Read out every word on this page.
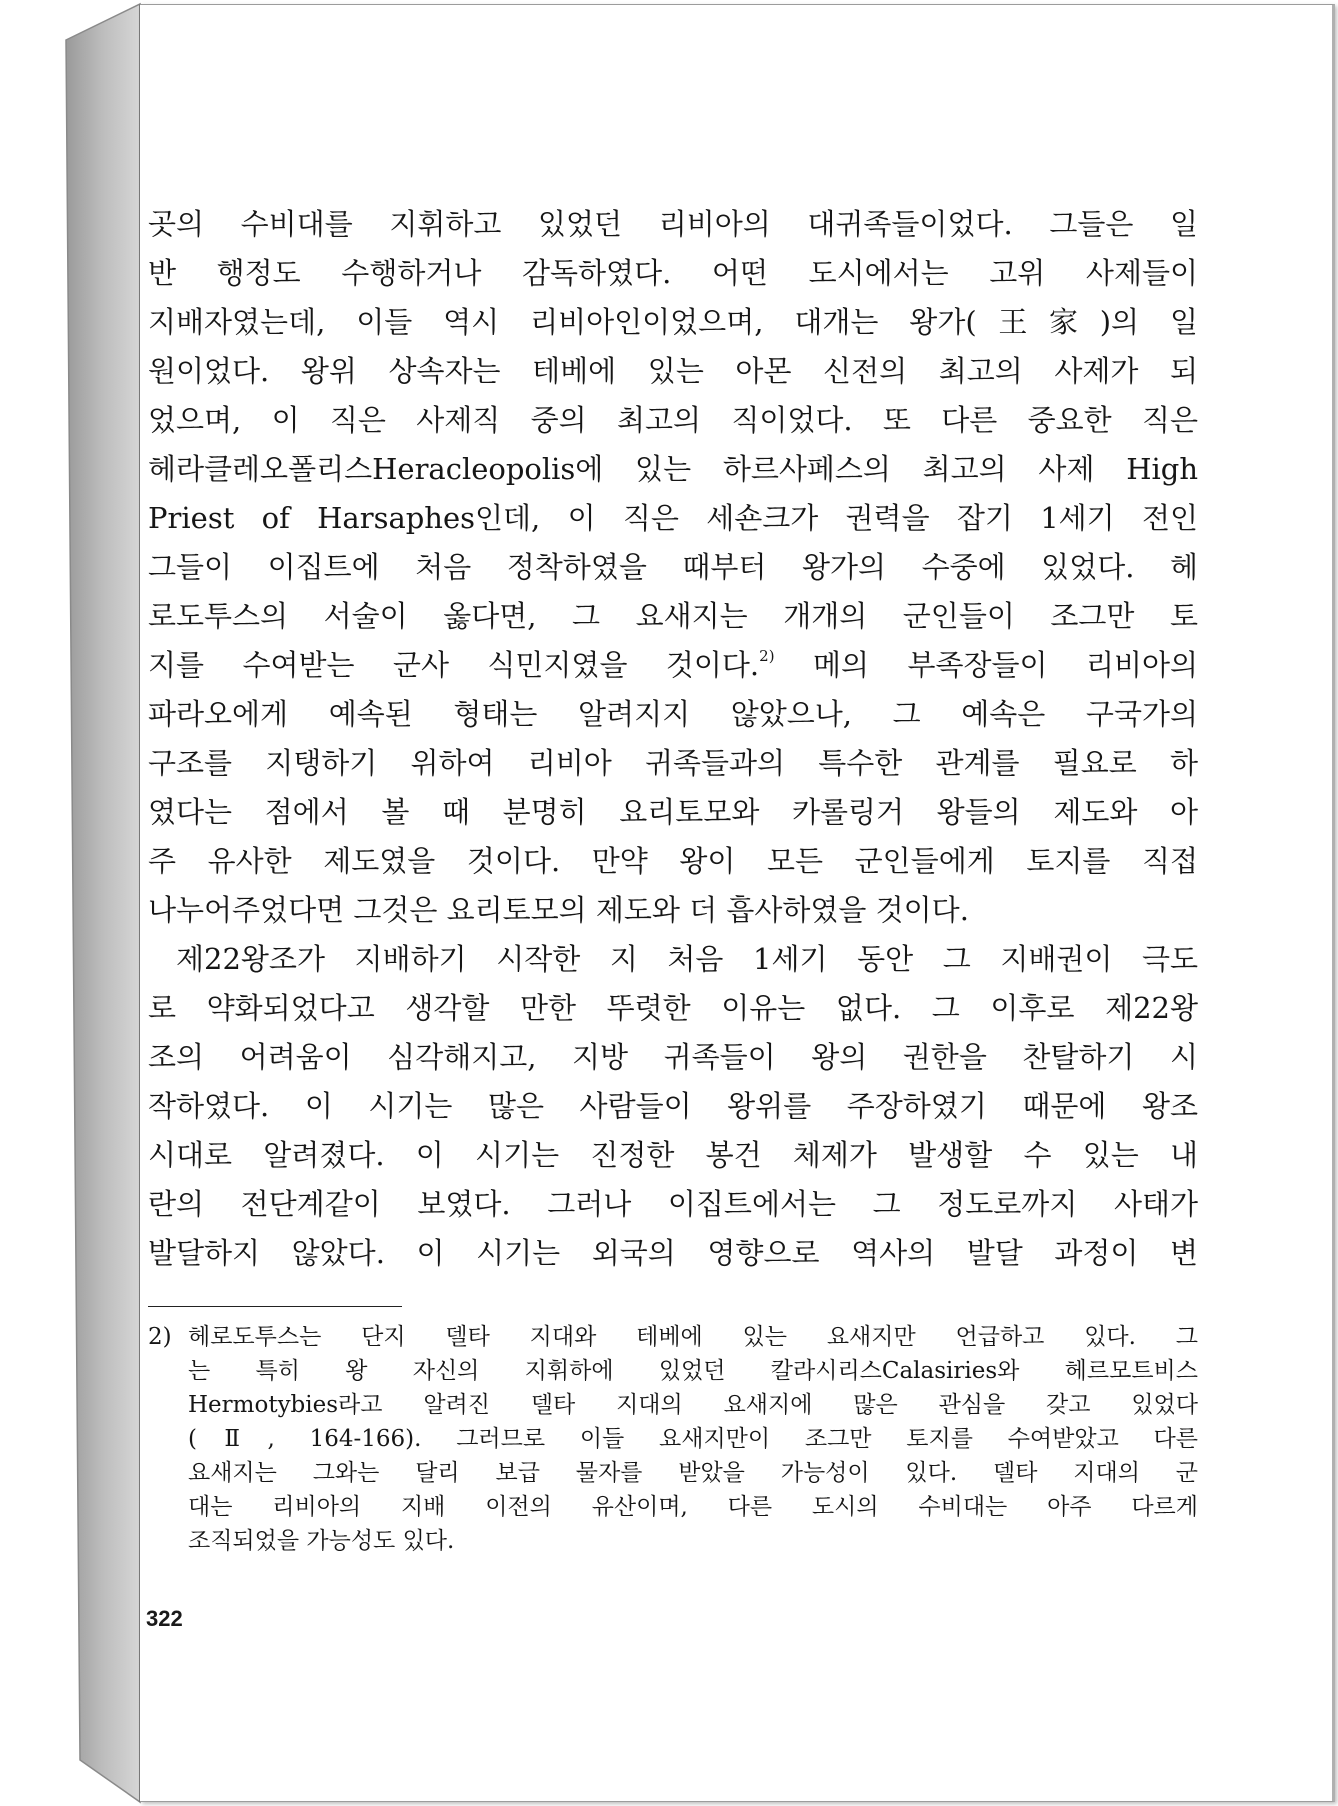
곳의 수비대를 지휘하고 있었던 리비아의 대귀족들이었다. 그들은 일
반 행정도 수행하거나 감독하였다. 어떤 도시에서는 고위 사제들이
지배자였는데, 이들 역시 리비아인이었으며, 대개는 왕가(王家)의 일
원이었다. 왕위 상속자는 테베에 있는 아몬 신전의 최고의 사제가 되
었으며, 이 직은 사제직 중의 최고의 직이었다. 또 다른 중요한 직은
헤라클레오폴리스Heracleopolis에 있는 하르사페스의 최고의 사제 High
Priest of Harsaphes인데, 이 직은 세숀크가 권력을 잡기 1세기 전인
그들이 이집트에 처음 정착하였을 때부터 왕가의 수중에 있었다. 헤
로도투스의 서술이 옳다면, 그 요새지는 개개의 군인들이 조그만 토
지를 수여받는 군사 식민지였을 것이다.$^{2)}$ 메의 부족장들이 리비아의
파라오에게 예속된 형태는 알려지지 않았으나, 그 예속은 구국가의
구조를 지탱하기 위하여 리비아 귀족들과의 특수한 관계를 필요로 하
였다는 점에서 볼 때 분명히 요리토모와 카롤링거 왕들의 제도와 아
주 유사한 제도였을 것이다. 만약 왕이 모든 군인들에게 토지를 직접
나누어주었다면 그것은 요리토모의 제도와 더 흡사하였을 것이다.
제22왕조가 지배하기 시작한 지 처음 1세기 동안 그 지배권이 극도
로 약화되었다고 생각할 만한 뚜렷한 이유는 없다. 그 이후로 제22왕
조의 어려움이 심각해지고, 지방 귀족들이 왕의 권한을 찬탈하기 시
작하였다. 이 시기는 많은 사람들이 왕위를 주장하였기 때문에 왕조
시대로 알려졌다. 이 시기는 진정한 봉건 체제가 발생할 수 있는 내
란의 전단계같이 보였다. 그러나 이집트에서는 그 정도로까지 사태가
발달하지 않았다. 이 시기는 외국의 영향으로 역사의 발달 과정이 변
2) 헤로도투스는 단지 델타 지대와 테베에 있는 요새지만 언급하고 있다. 그
는 특히 왕 자신의 지휘하에 있었던 칼라시리스Calasiries와 헤르모트비스
Hermotybies라고 알려진 델타 지대의 요새지에 많은 관심을 갖고 있었다
(Ⅱ, 164-166). 그러므로 이들 요새지만이 조그만 토지를 수여받았고 다른
요새지는 그와는 달리 보급 물자를 받았을 가능성이 있다. 델타 지대의 군
대는 리비아의 지배 이전의 유산이며, 다른 도시의 수비대는 아주 다르게
조직되었을 가능성도 있다.
322
